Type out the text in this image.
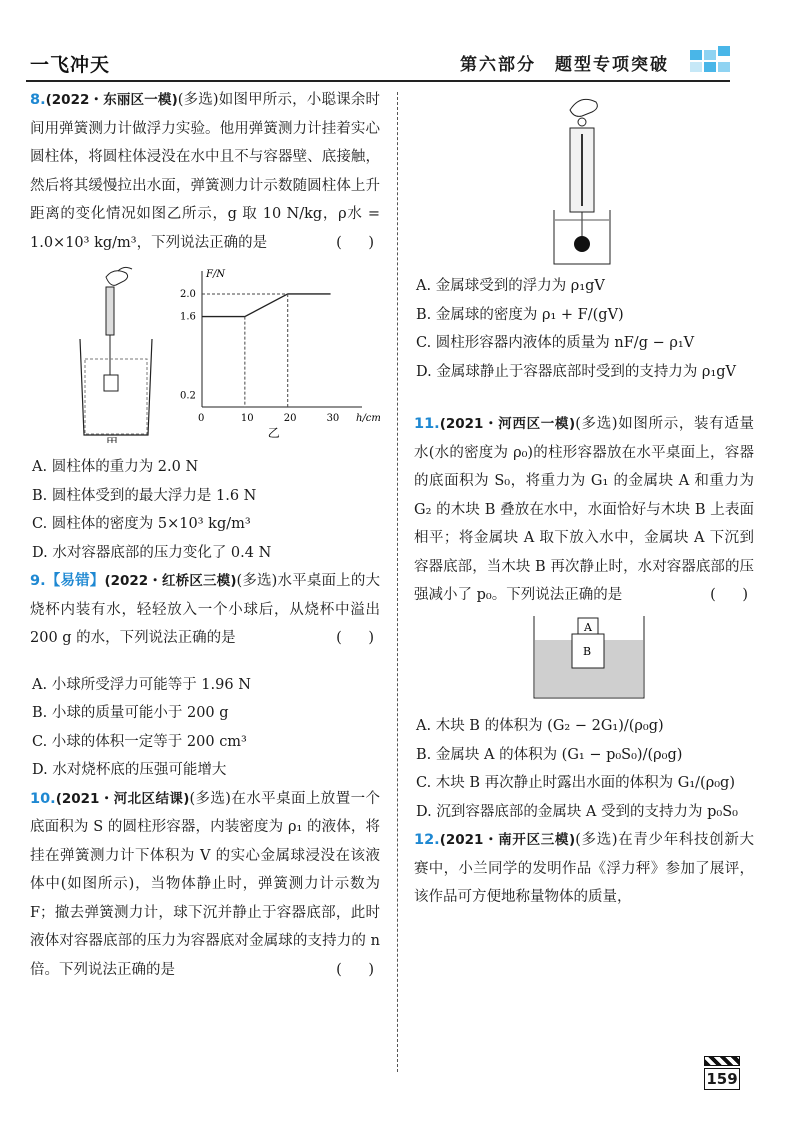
一飞冲天	第六部分　题型专项突破

8.(2022・东丽区一模)(多选)如图甲所示，小聪课余时间用弹簧测力计做浮力实验。他用弹簧测力计挂着实心圆柱体，将圆柱体浸没在水中且不与容器壁、底接触，然后将其缓慢拉出水面，弹簧测力计示数随圆柱体上升距离的变化情况如图乙所示，g 取 10 N/kg，ρ水 = 1.0×10³ kg/m³，下列说法正确的是	(　)

甲
0	10	20	30
0.2
1.6
2.0
h/cm
F/N
乙

A. 圆柱体的重力为 2.0 N

B. 圆柱体受到的最大浮力是 1.6 N

C. 圆柱体的密度为 5×10³ kg/m³

D. 水对容器底部的压力变化了 0.4 N

9.【易错】(2022・红桥区三模)(多选)水平桌面上的大烧杯内装有水，轻轻放入一个小球后，从烧杯中溢出 200 g 的水，下列说法正确的是	(　)

A. 小球所受浮力可能等于 1.96 N

B. 小球的质量可能小于 200 g

C. 小球的体积一定等于 200 cm³

D. 水对烧杯底的压强可能增大

10.(2021・河北区结课)(多选)在水平桌面上放置一个底面积为 S 的圆柱形容器，内装密度为 ρ₁ 的液体，将挂在弹簧测力计下体积为 V 的实心金属球浸没在该液体中(如图所示)，当物体静止时，弹簧测力计示数为 F；撤去弹簧测力计，球下沉并静止于容器底部，此时液体对容器底部的压力为容器底对金属球的支持力的 n 倍。下列说法正确的是	(　)

A. 金属球受到的浮力为 ρ₁gV

B. 金属球的密度为 ρ₁ + F/(gV)

C. 圆柱形容器内液体的质量为 nF/g − ρ₁V

D. 金属球静止于容器底部时受到的支持力为 ρ₁gV

11.(2021・河西区一模)(多选)如图所示，装有适量水(水的密度为 ρ₀)的柱形容器放在水平桌面上，容器的底面积为 S₀，将重力为 G₁ 的金属块 A 和重力为 G₂ 的木块 B 叠放在水中，水面恰好与木块 B 上表面相平；将金属块 A 取下放入水中，金属块 A 下沉到容器底部，当木块 B 再次静止时，水对容器底部的压强减小了 p₀。下列说法正确的是	(　)

A
B

A. 木块 B 的体积为 (G₂ − 2G₁)/(ρ₀g)

B. 金属块 A 的体积为 (G₁ − p₀S₀)/(ρ₀g)

C. 木块 B 再次静止时露出水面的体积为 G₁/(ρ₀g)

D. 沉到容器底部的金属块 A 受到的支持力为 p₀S₀

12.(2021・南开区三模)(多选)在青少年科技创新大赛中，小兰同学的发明作品《浮力秤》参加了展评，该作品可方便地称量物体的质量，

159
